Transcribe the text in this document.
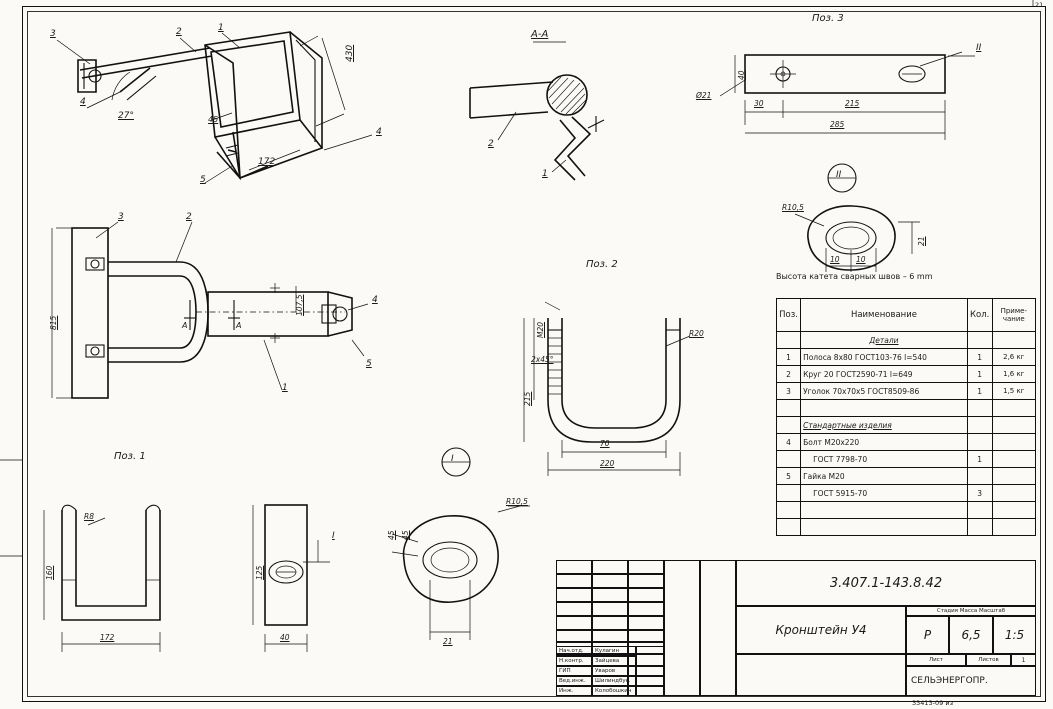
3	2	1
4
5
4
27°	45
172
430
А-А
2
1
Поз. 3
40
Ø21
30	215
285
II
II
R10,5
10 10
21
Высота катета сварных швов – 6 mm
3	2
1
4
5
815
107,5
A	A
Поз. 1
Поз. 2
M20	R20
215
2x45°
70
220
R8
160
172
125
40
I
I
R10,5
45 45
21
Поз.	Наименование	Кол.	Приме-чание
	Детали		
1	Полоса 8x80 ГОСТ103-76 l=540	1	2,6 кг
2	Круг 20 ГОСТ2590-71 l=649	1	1,6 кг
3	Уголок 70х70х5 ГОСТ8509-86	1	1,5 кг

	Стандартные изделия		
4	Болт М20х220		
	ГОСТ 7798-70	1	
5	Гайка М20		
	ГОСТ 5915-70	3	

Нач.отд.	Кулагин
Н.контр.	Зайцева
ГИП	Уваров
Вед.инж.	Шилиндбук.
Инж.	Колобошкин
3.407.1-143.8.42
Кронштейн У4
Стадия Масса Масштаб
Р	6,5	1:5
Лист	Листов	1
СЕЛЬЭНЕРГОПР.
33413-09 из
21
